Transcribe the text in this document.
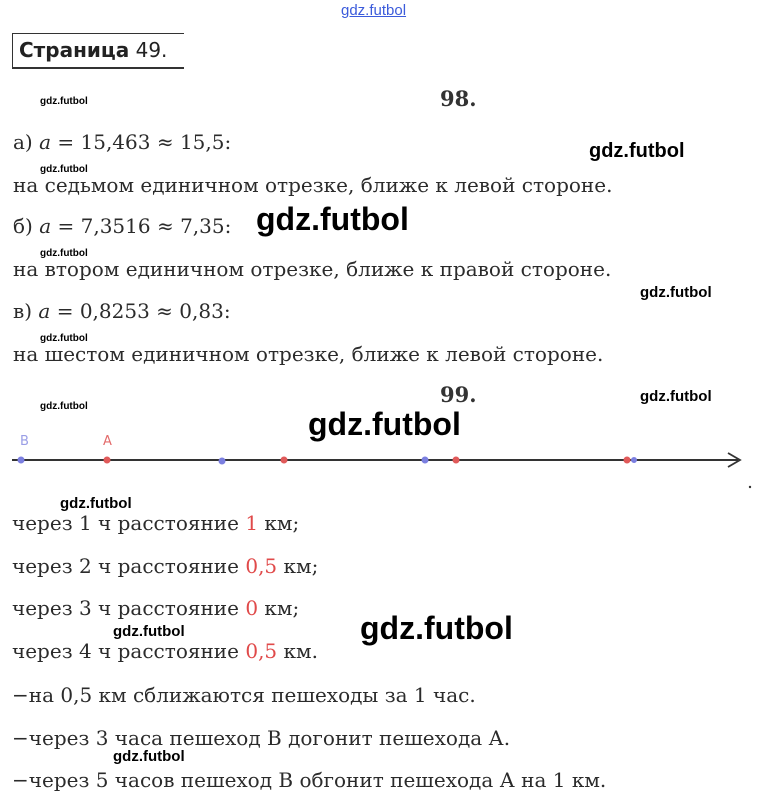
gdz.futbol
Страница 49.
98.
а) a = 15,463 ≈ 15,5:
на седьмом единичном отрезке, ближе к левой стороне.
б) a = 7,3516 ≈ 7,35:
на втором единичном отрезке, ближе к правой стороне.
в) a = 0,8253 ≈ 0,83:
на шестом единичном отрезке, ближе к левой стороне.
99.
B	A
через 1 ч расстояние 1 км;
через 2 ч расстояние 0,5 км;
через 3 ч расстояние 0 км;
через 4 ч расстояние 0,5 км.
−на 0,5 км сближаются пешеходы за 1 час.
−через 3 часа пешеход В догонит пешехода А.
−через 5 часов пешеход В обгонит пешехода А на 1 км.
gdz.futbol
gdz.futbol
gdz.futbol
gdz.futbol
gdz.futbol
gdz.futbol
gdz.futbol
gdz.futbol
gdz.futbol
gdz.futbol
gdz.futbol
gdz.futbol	gdz.futbol
gdz.futbol
